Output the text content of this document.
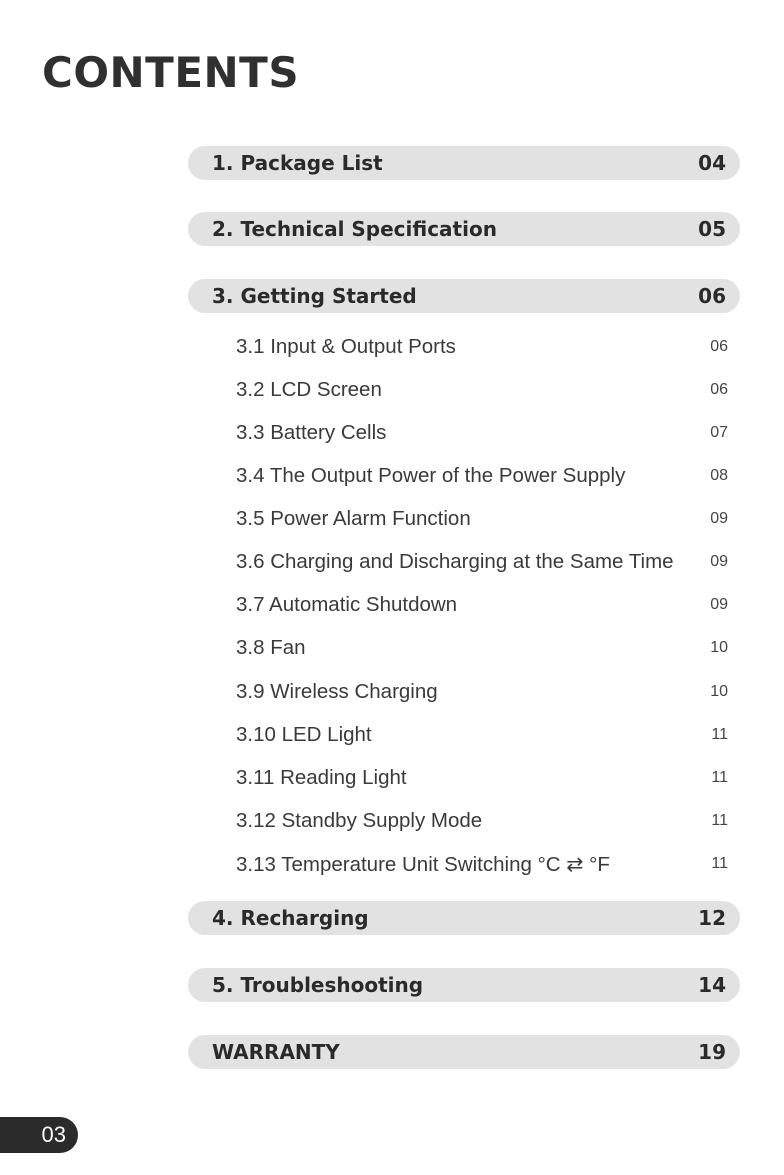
CONTENTS
1. Package List	04
2. Technical Specification	05
3. Getting Started	06
3.1 Input & Output Ports	06
3.2 LCD Screen	06
3.3 Battery Cells	07
3.4 The Output Power of the Power Supply	08
3.5 Power Alarm Function	09
3.6 Charging and Discharging at the Same Time 09
3.7 Automatic Shutdown	09
3.8 Fan	10
3.9 Wireless Charging	10
3.10 LED Light	11
3.11 Reading Light	11
3.12 Standby Supply Mode	11
3.13 Temperature Unit Switching °C ⇄ °F	11
4. Recharging	12
5. Troubleshooting	14
WARRANTY	19
03
